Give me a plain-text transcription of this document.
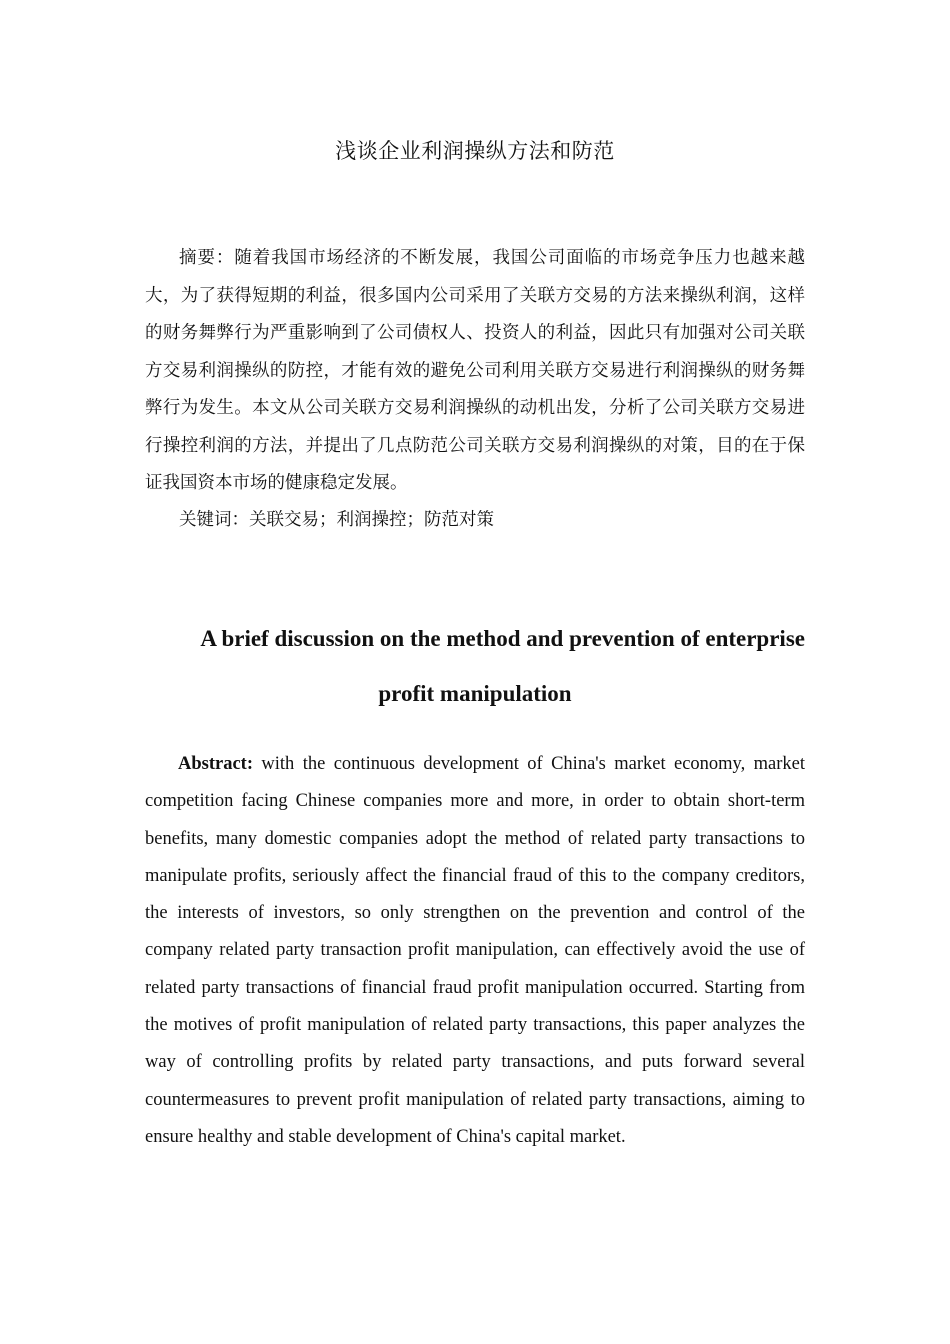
浅谈企业利润操纵方法和防范

摘要：随着我国市场经济的不断发展，我国公司面临的市场竞争压力也越来越大，为了获得短期的利益，很多国内公司采用了关联方交易的方法来操纵利润，这样的财务舞弊行为严重影响到了公司债权人、投资人的利益，因此只有加强对公司关联方交易利润操纵的防控，才能有效的避免公司利用关联方交易进行利润操纵的财务舞弊行为发生。本文从公司关联方交易利润操纵的动机出发，分析了公司关联方交易进行操控利润的方法，并提出了几点防范公司关联方交易利润操纵的对策，目的在于保证我国资本市场的健康稳定发展。

关键词：关联交易；利润操控；防范对策

A brief discussion on the method and prevention of enterprise
profit manipulation

Abstract: with the continuous development of China's market economy, market competition facing Chinese companies more and more, in order to obtain short-term benefits, many domestic companies adopt the method of related party transactions to manipulate profits, seriously affect the financial fraud of this to the company creditors, the interests of investors, so only strengthen on the prevention and control of the company related party transaction profit manipulation, can effectively avoid the use of related party transactions of financial fraud profit manipulation occurred. Starting from the motives of profit manipulation of related party transactions, this paper analyzes the way of controlling profits by related party transactions, and puts forward several countermeasures to prevent profit manipulation of related party transactions, aiming to ensure healthy and stable development of China's capital market.
